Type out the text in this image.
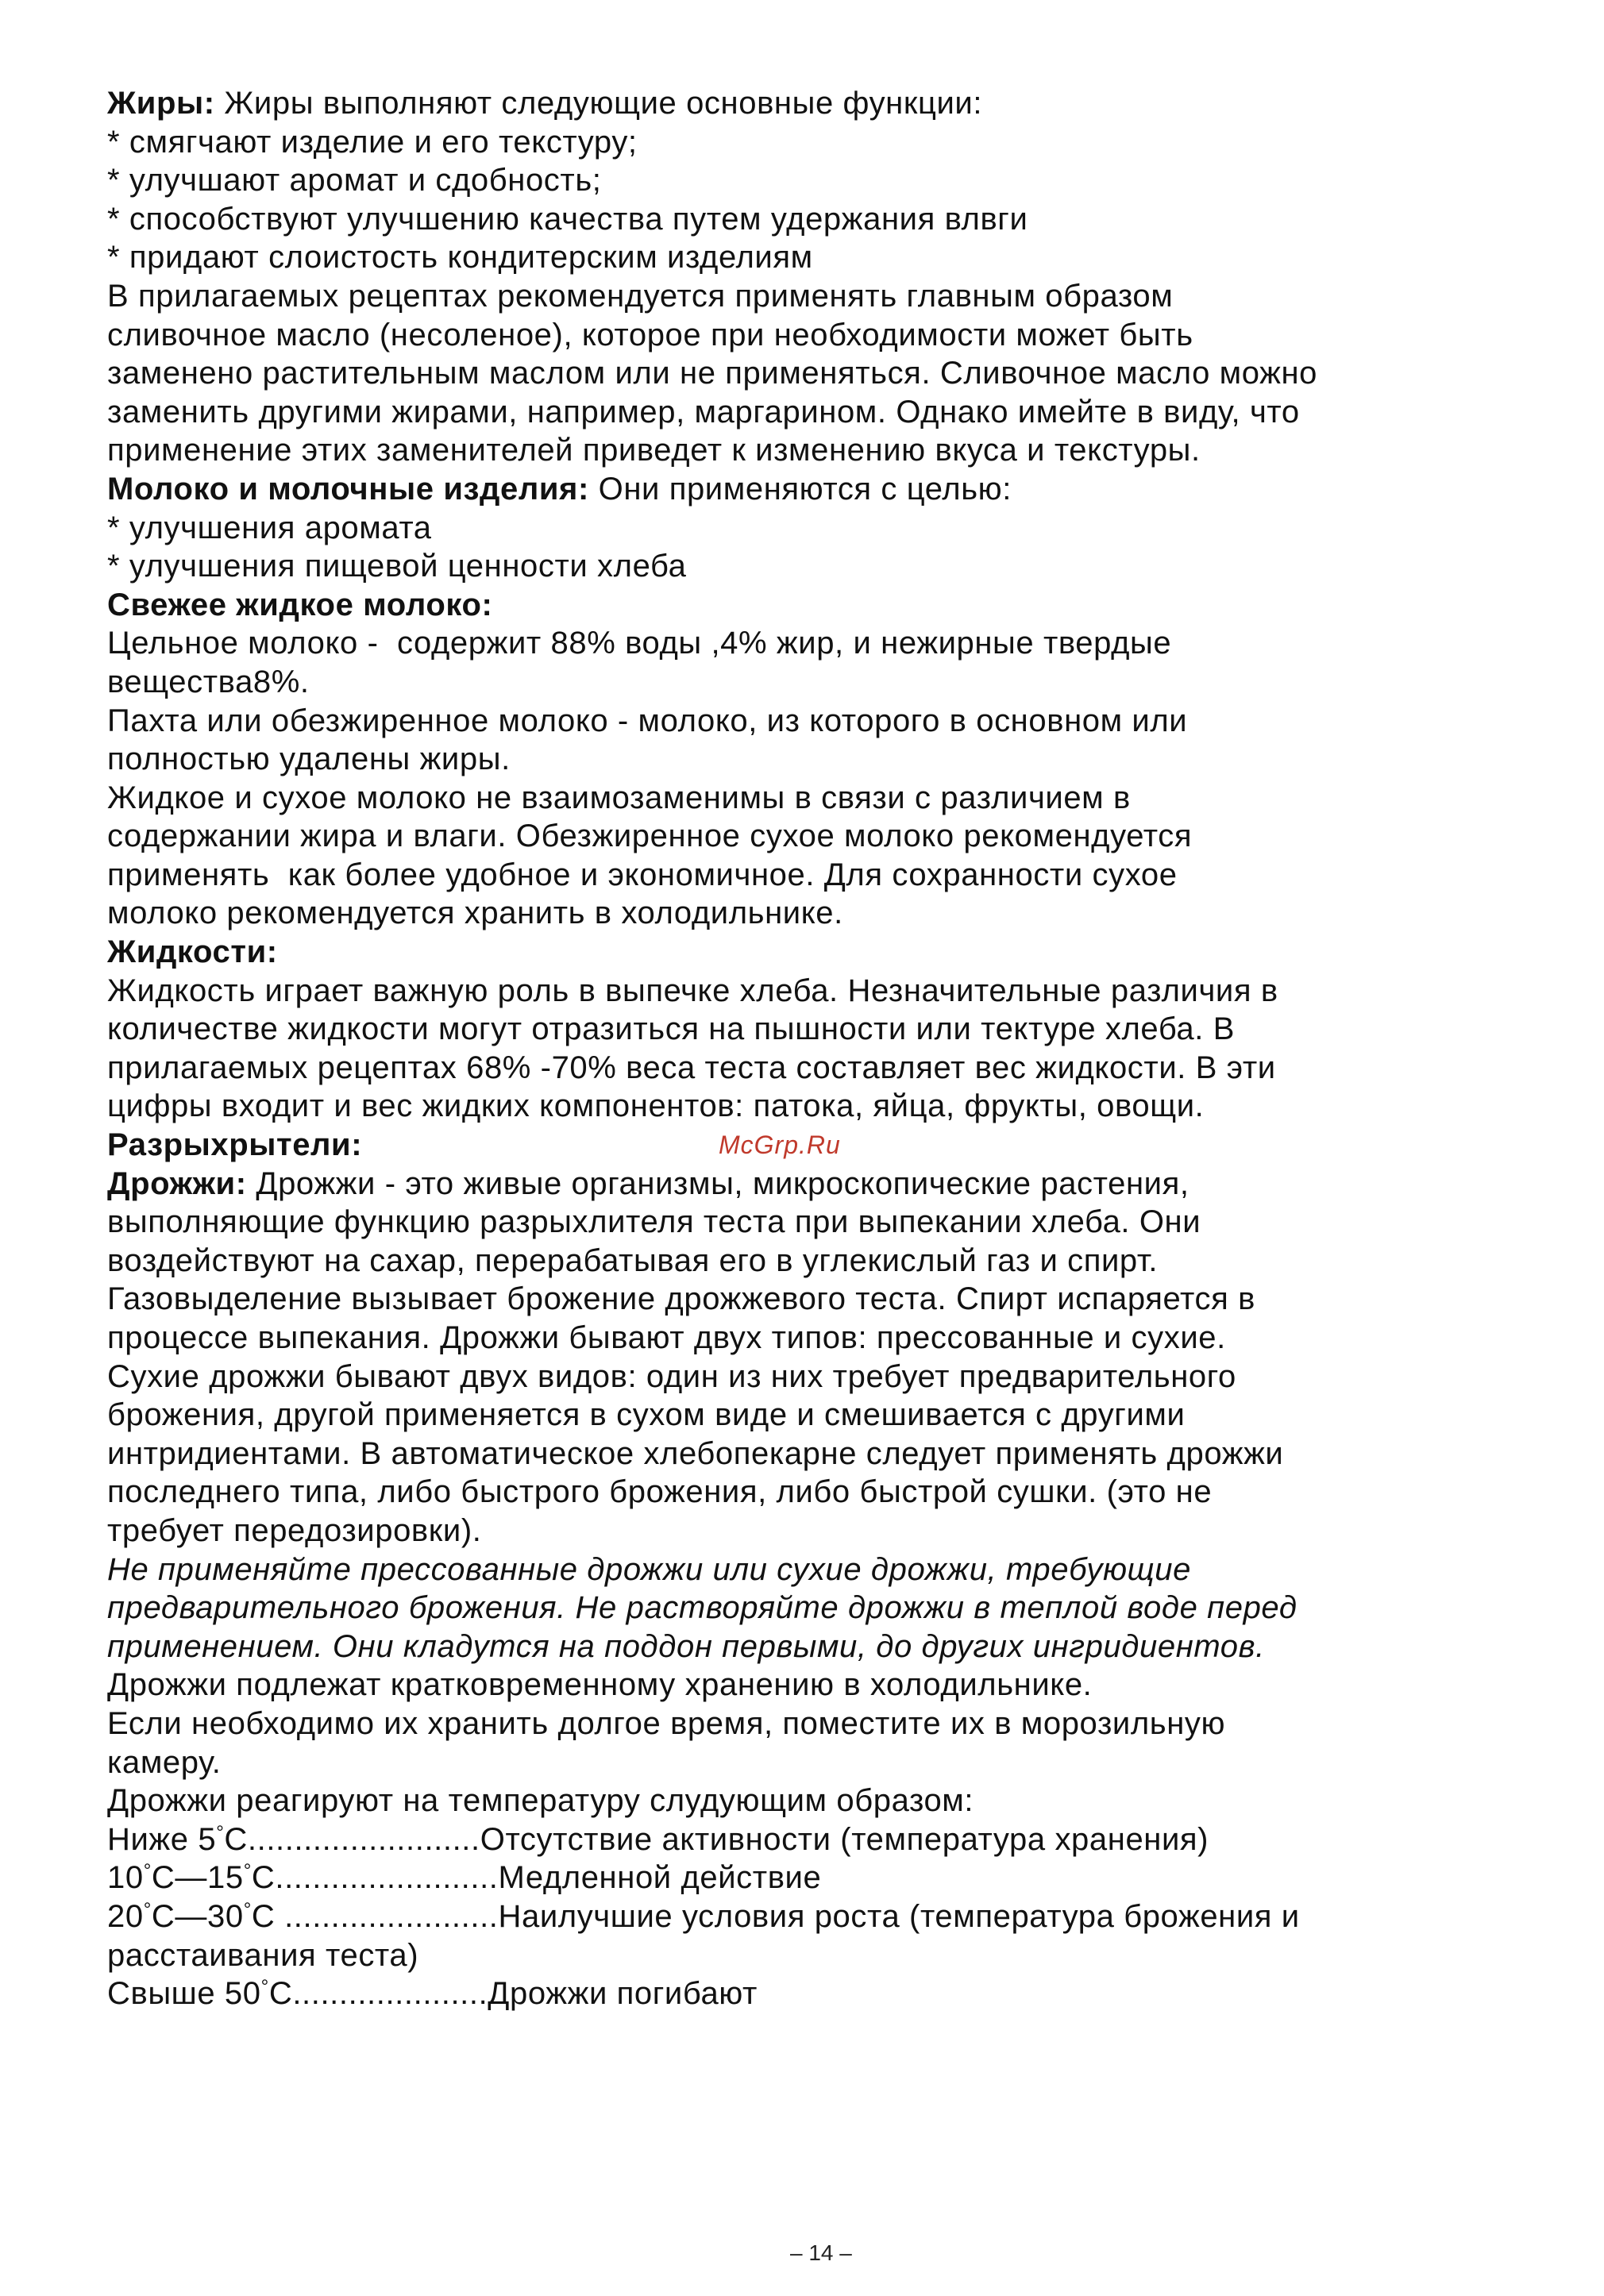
Жиры: Жиры выполняют следующие основные функции:
* смягчают изделие и его текстуру;
* улучшают аромат и сдобность;
* способствуют улучшению качества путем удержания влвги
* придают слоистость кондитерским изделиям
В прилагаемых рецептах рекомендуется применять главным образом
сливочное масло (несоленое), которое при необходимости может быть
заменено растительным маслом или не применяться. Сливочное масло можно
заменить другими жирами, например, маргарином. Однако имейте в виду, что
применение этих заменителей приведет к изменению вкуса и текстуры.
Молоко и молочные изделия: Они применяются с целью:
* улучшения аромата
* улучшения пищевой ценности хлеба
Свежее жидкое молоко:
Цельное молоко -  содержит 88% воды ,4% жир, и нежирные твердые
вещества8%.
Пахта или обезжиренное молоко - молоко, из которого в основном или
полностью удалены жиры.
Жидкое и сухое молоко не взаимозаменимы в связи с различием в
содержании жира и влаги. Обезжиренное сухое молоко рекомендуется
применять  как более удобное и экономичное. Для сохранности сухое
молоко рекомендуется хранить в холодильнике.
Жидкости:
Жидкость играет важную роль в выпечке хлеба. Незначительные различия в
количестве жидкости могут отразиться на пышности или тектуре хлеба. В
прилагаемых рецептах 68% -70% веса теста составляет вес жидкости. В эти
цифры входит и вес жидких компонентов: патока, яйца, фрукты, овощи.
Разрыхрытели:
Дрожжи: Дрожжи - это живые организмы, микроскопические растения,
выполняющие функцию разрыхлителя теста при выпекании хлеба. Они
воздействуют на сахар, перерабатывая его в углекислый газ и спирт.
Газовыделение вызывает брожение дрожжевого теста. Спирт испаряется в
процессе выпекания. Дрожжи бывают двух типов: прессованные и сухие.
Сухие дрожжи бывают двух видов: один из них требует предварительного
брожения, другой применяется в сухом виде и смешивается с другими
интридиентами. В автоматическое хлебопекарне следует применять дрожжи
последнего типа, либо быстрого брожения, либо быстрой сушки. (это не
требует передозировки).
Не применяйте прессованные дрожжи или сухие дрожжи, требующие
предварительного брожения. Не растворяйте дрожжи в теплой воде перед
применением. Они кладутся на поддон первыми, до других ингридиентов.
Дрожжи подлежат кратковременному хранению в холодильнике.
Если необходимо их хранить долгое время, поместите их в морозильную
камеру.
Дрожжи реагируют на температуру слудующим образом:
Ниже 5°C.........................Отсутствие активности (температура хранения)
10°C—15°C........................Медленной действие
20°C—30°C .......................Наилучшие условия роста (температура брожения и
расстаивания теста)
Свыше 50°C.....................Дрожжи погибают
McGrp.Ru
– 14 –
